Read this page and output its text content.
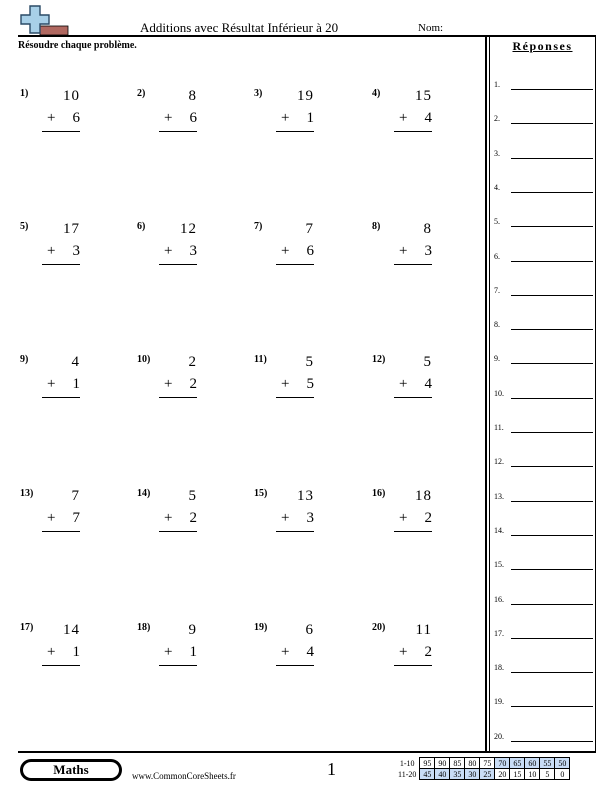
Additions avec Résultat Inférieur à 20	Nom:
Résoudre chaque problème.	Réponses
1.
2.
3.
4.
5.
6.
7.
8.
9.
10.
11.
12.
13.
14.
15.
16.
17.
18.
19.
20.
1) 10
+ 6
2)	8
+ 6
3) 19
+ 1
4) 15
+ 4
5) 17
+ 3
6) 12
+ 3
7)	7
+ 6
8)	8
+ 3
9)	4
+ 1
10)	2
+ 2
11)	5
+ 5
12)	5
+ 4
13)	7
+ 7
14)	5
+ 2
15) 13
+ 3
16) 18
+ 2
17) 14
+ 1
18)	9
+ 1
19)	6
+ 4
20) 11
+ 2
Maths	www.CommonCoreSheets.fr	1	1-10	95	90	85	80	75	70	65	60	55	50
11-20	45	40	35	30	25	20	15	10	5	0
